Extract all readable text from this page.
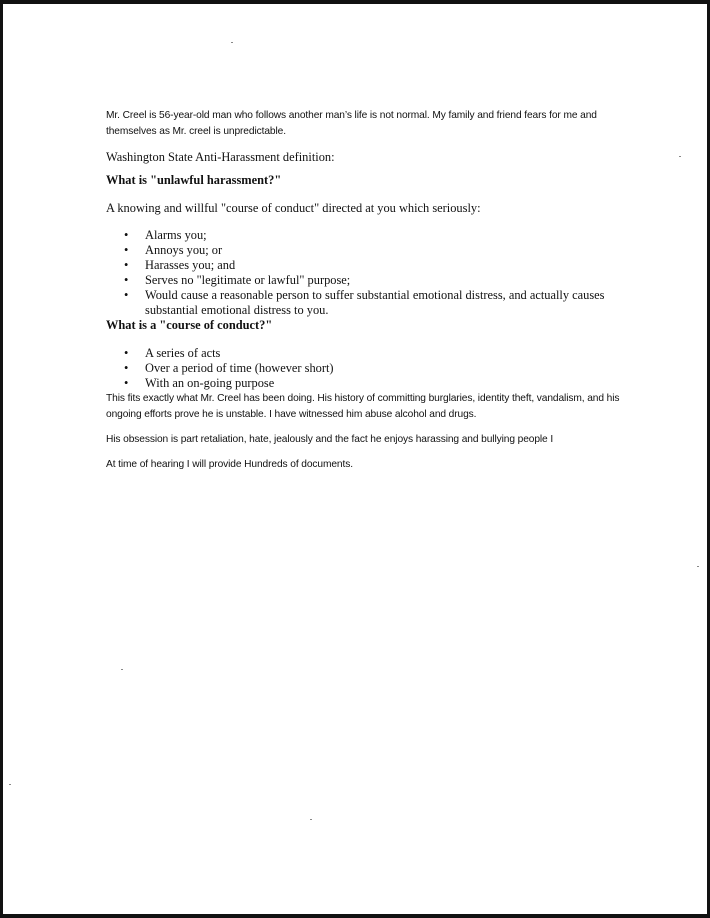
Mr. Creel is 56-year-old man who follows another man’s life is not normal. My family and friend fears for me and themselves as Mr. creel is unpredictable.

Washington State Anti-Harassment definition:

What is "unlawful harassment?"

A knowing and willful "course of conduct" directed at you which seriously:

• Alarms you;
• Annoys you; or
• Harasses you; and
• Serves no "legitimate or lawful" purpose;
• Would cause a reasonable person to suffer substantial emotional distress, and actually causes substantial emotional distress to you.

What is a "course of conduct?"

• A series of acts
• Over a period of time (however short)
• With an on-going purpose

This fits exactly what Mr. Creel has been doing. His history of committing burglaries, identity theft, vandalism, and his ongoing efforts prove he is unstable. I have witnessed him abuse alcohol and drugs.

His obsession is part retaliation, hate, jealously and the fact he enjoys harassing and bullying people I

At time of hearing I will provide Hundreds of documents.
